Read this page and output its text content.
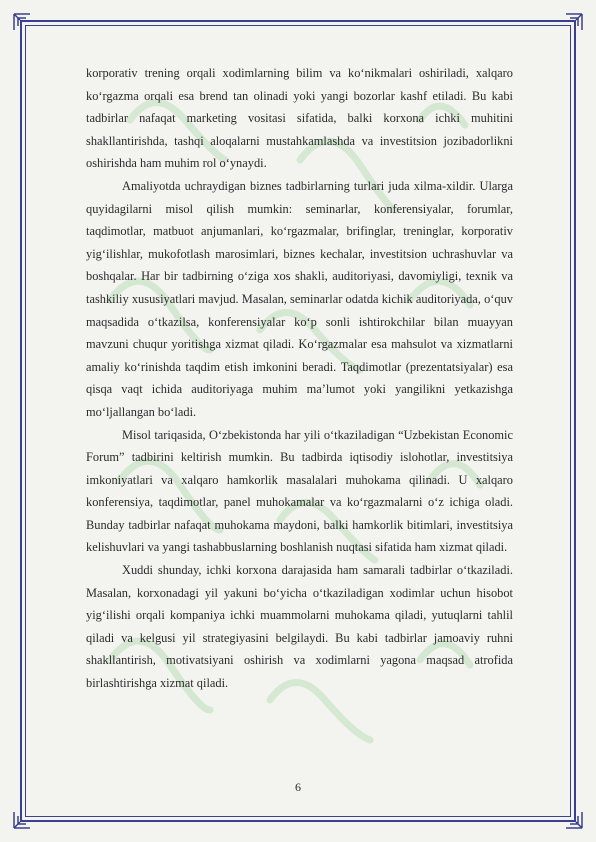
korporativ trening orqali xodimlarning bilim va ko‘nikmalari oshiriladi, xalqaro ko‘rgazma orqali esa brend tan olinadi yoki yangi bozorlar kashf etiladi. Bu kabi tadbirlar nafaqat marketing vositasi sifatida, balki korxona ichki muhitini shakllantirishda, tashqi aloqalarni mustahkamlashda va investitsion jozibadorlikni oshirishda ham muhim rol o‘ynaydi.

Amaliyotda uchraydigan biznes tadbirlarning turlari juda xilma-xildir. Ularga quyidagilarni misol qilish mumkin: seminarlar, konferensiyalar, forumlar, taqdimotlar, matbuot anjumanlari, ko‘rgazmalar, brifinglar, treninglar, korporativ yig‘ilishlar, mukofotlash marosimlari, biznes kechalar, investitsion uchrashuvlar va boshqalar. Har bir tadbirning o‘ziga xos shakli, auditoriyasi, davomiyligi, texnik va tashkiliy xususiyatlari mavjud. Masalan, seminarlar odatda kichik auditoriyada, o‘quv maqsadida o‘tkazilsa, konferensiyalar ko‘p sonli ishtirokchilar bilan muayyan mavzuni chuqur yoritishga xizmat qiladi. Ko‘rgazmalar esa mahsulot va xizmatlarni amaliy ko‘rinishda taqdim etish imkonini beradi. Taqdimotlar (prezentatsiyalar) esa qisqa vaqt ichida auditoriyaga muhim ma’lumot yoki yangilikni yetkazishga mo‘ljallangan bo‘ladi.

Misol tariqasida, O‘zbekistonda har yili o‘tkaziladigan “Uzbekistan Economic Forum” tadbirini keltirish mumkin. Bu tadbirda iqtisodiy islohotlar, investitsiya imkoniyatlari va xalqaro hamkorlik masalalari muhokama qilinadi. U xalqaro konferensiya, taqdimotlar, panel muhokamalar va ko‘rgazmalarni o‘z ichiga oladi. Bunday tadbirlar nafaqat muhokama maydoni, balki hamkorlik bitimlari, investitsiya kelishuvlari va yangi tashabbuslarning boshlanish nuqtasi sifatida ham xizmat qiladi.

Xuddi shunday, ichki korxona darajasida ham samarali tadbirlar o‘tkaziladi. Masalan, korxonadagi yil yakuni bo‘yicha o‘tkaziladigan xodimlar uchun hisobot yig‘ilishi orqali kompaniya ichki muammolarni muhokama qiladi, yutuqlarni tahlil qiladi va kelgusi yil strategiyasini belgilaydi. Bu kabi tadbirlar jamoaviy ruhni shakllantirish, motivatsiyani oshirish va xodimlarni yagona maqsad atrofida birlashtirishga xizmat qiladi.

6
